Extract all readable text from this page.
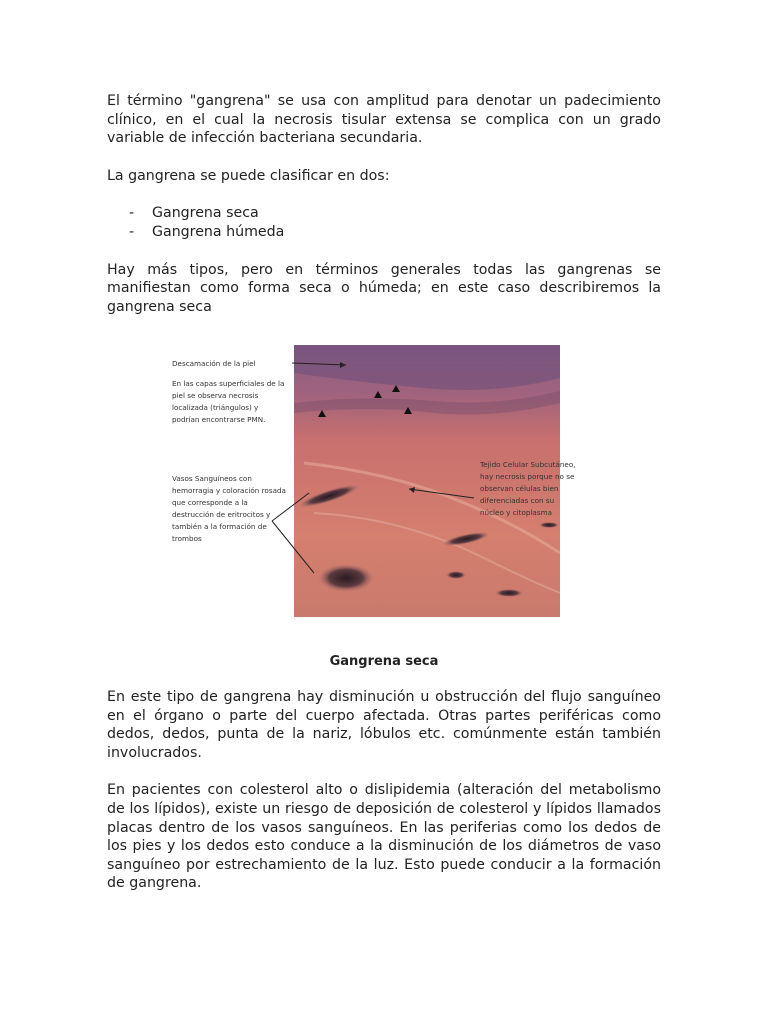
El término "gangrena" se usa con amplitud para denotar un padecimiento clínico, en el cual la necrosis tisular extensa se complica con un grado variable de infección bacteriana secundaria.

La gangrena se puede clasificar en dos:

- Gangrena seca
- Gangrena húmeda

Hay más tipos, pero en términos generales todas las gangrenas se manifiestan como forma seca o húmeda; en este caso describiremos la gangrena seca

Descamación de la piel
En las capas superficiales de la
piel se observa necrosis
localizada (triángulos) y
podrían encontrarse PMN.
Vasos Sanguíneos con
hemorragia y coloración rosada
que corresponde a la
destrucción de eritrocitos y
también a la formación de
trombos
Tejido Celular Subcutáneo,
hay necrosis porque no se
observan células bien
diferenciadas con su
núcleo y citoplasma
Gangrena seca

En este tipo de gangrena hay disminución u obstrucción del flujo sanguíneo en el órgano o parte del cuerpo afectada. Otras partes periféricas como dedos, dedos, punta de la nariz, lóbulos etc. comúnmente están también involucrados.

En pacientes con colesterol alto o dislipidemia (alteración del metabolismo de los lípidos), existe un riesgo de deposición de colesterol y lípidos llamados placas dentro de los vasos sanguíneos. En las periferias como los dedos de los pies y los dedos esto conduce a la disminución de los diámetros de vaso sanguíneo por estrechamiento de la luz. Esto puede conducir a la formación de gangrena.
